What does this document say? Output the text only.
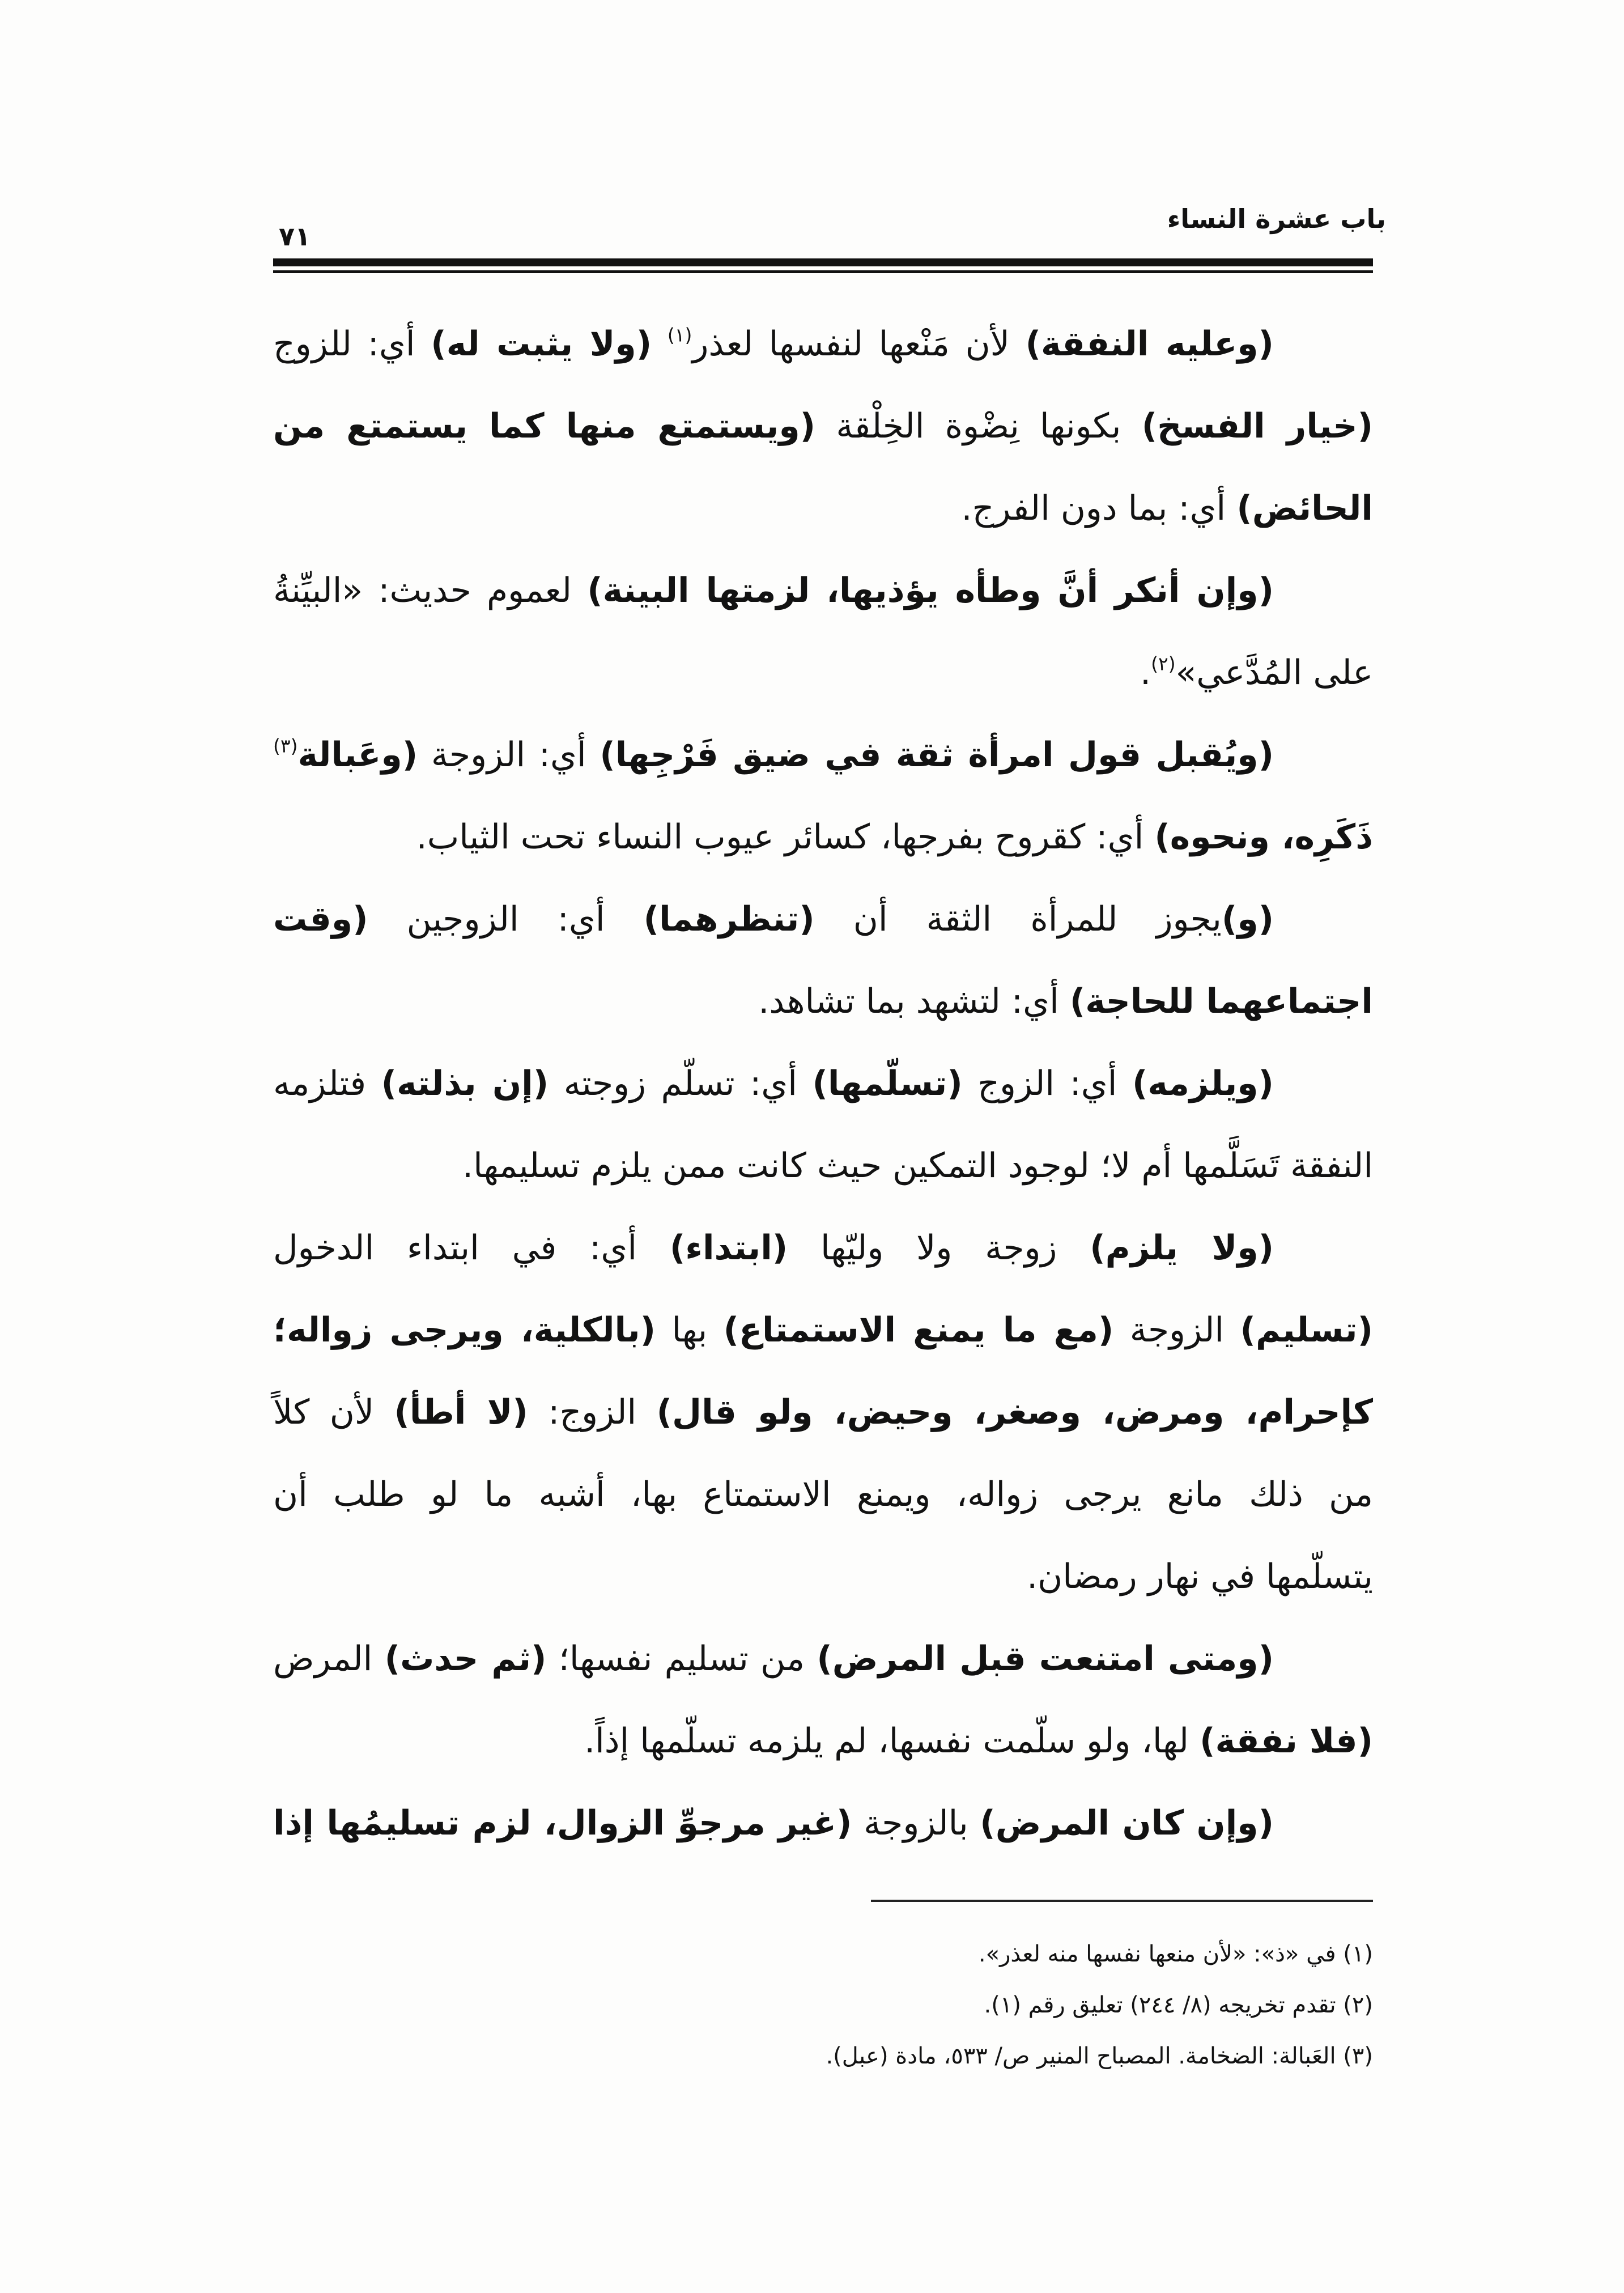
باب عشرة النساء
٧١
(وعليه النفقة) لأن مَنْعها لنفسها لعذر$^{(١)}$ (ولا يثبت له) أي: للزوج
(خيار الفسخ) بكونها نِضْوة الخِلْقة (ويستمتع منها كما يستمتع من
الحائض) أي: بما دون الفرج.
(وإن أنكر أنَّ وطأه يؤذيها، لزمتها البينة) لعموم حديث: «البيِّنةُ
على المُدَّعي»$^{(٢)}$.
(ويُقبل قول امرأة ثقة في ضيق فَرْجِها) أي: الزوجة (وعَبالة$^{(٣)}$
ذَكَرِه، ونحوه) أي: كقروح بفرجها، كسائر عيوب النساء تحت الثياب.
(و)يجوز للمرأة الثقة أن (تنظرهما) أي: الزوجين (وقت
اجتماعهما للحاجة) أي: لتشهد بما تشاهد.
(ويلزمه) أي: الزوج (تسلّمها) أي: تسلّم زوجته (إن بذلته) فتلزمه
النفقة تَسَلَّمها أم لا؛ لوجود التمكين حيث كانت ممن يلزم تسليمها.
(ولا يلزم) زوجة ولا وليّها (ابتداء) أي: في ابتداء الدخول
(تسليم) الزوجة (مع ما يمنع الاستمتاع) بها (بالكلية، ويرجى زواله؛
كإحرام، ومرض، وصغر، وحيض، ولو قال) الزوج: (لا أطأ) لأن كلاً
من ذلك مانع يرجى زواله، ويمنع الاستمتاع بها، أشبه ما لو طلب أن
يتسلّمها في نهار رمضان.
(ومتى امتنعت قبل المرض) من تسليم نفسها؛ (ثم حدث) المرض
(فلا نفقة) لها، ولو سلّمت نفسها، لم يلزمه تسلّمها إذاً.
(وإن كان المرض) بالزوجة (غير مرجوِّ الزوال، لزم تسليمُها إذا
(١) في «ذ»: «لأن منعها نفسها منه لعذر».
(٢) تقدم تخريجه (٨/ ٢٤٤) تعليق رقم (١).
(٣) العَبالة: الضخامة. المصباح المنير ص/ ٥٣٣، مادة (عبل).
